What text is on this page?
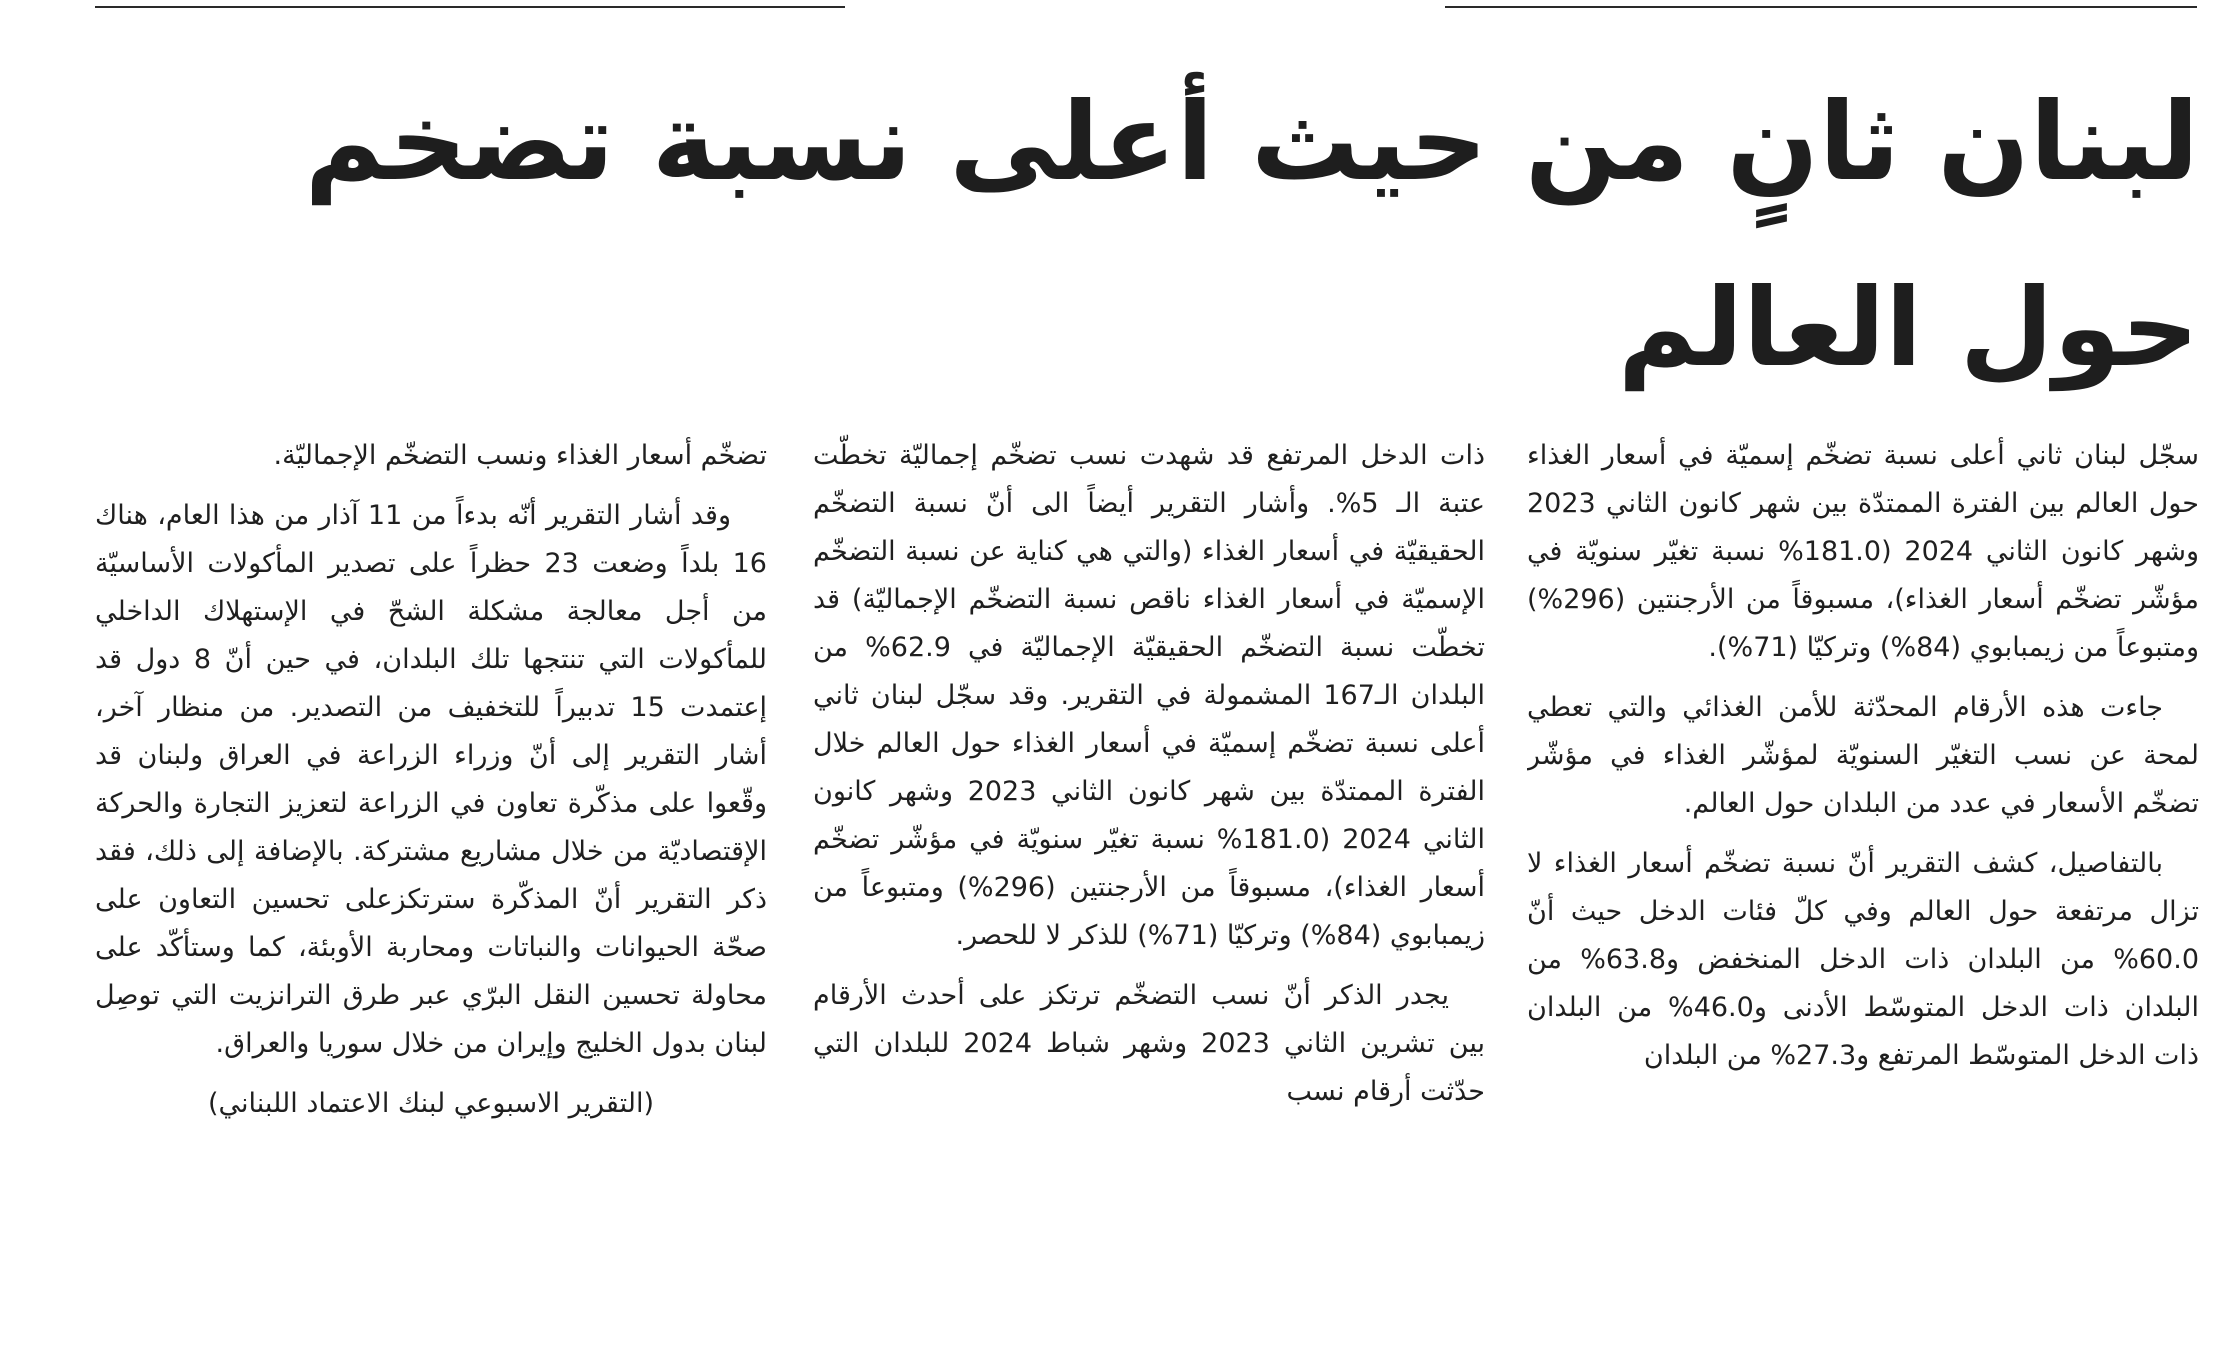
لبنان ثانٍ من حيث أعلى نسبة تضخم حول العالم

سجّل لبنان ثاني أعلى نسبة تضخّم إسميّة في أسعار الغذاء حول العالم بين الفترة الممتدّة بين شهر كانون الثاني 2023 وشهر كانون الثاني 2024 (181.0% نسبة تغيّر سنويّة في مؤشّر تضخّم أسعار الغذاء)، مسبوقاً من الأرجنتين (296%) ومتبوعاً من زيمبابوي (84%) وتركيّا (71%).

جاءت هذه الأرقام المحدّثة للأمن الغذائي والتي تعطي لمحة عن نسب التغيّر السنويّة لمؤشّر الغذاء في مؤشّر تضخّم الأسعار في عدد من البلدان حول العالم.

بالتفاصيل، كشف التقرير أنّ نسبة تضخّم أسعار الغذاء لا تزال مرتفعة حول العالم وفي كلّ فئات الدخل حيث أنّ 60.0% من البلدان ذات الدخل المنخفض و63.8% من البلدان ذات الدخل المتوسّط الأدنى و46.0% من البلدان ذات الدخل المتوسّط المرتفع و27.3% من البلدان

ذات الدخل المرتفع قد شهدت نسب تضخّم إجماليّة تخطّت عتبة الـ 5%. وأشار التقرير أيضاً الى أنّ نسبة التضخّم الحقيقيّة في أسعار الغذاء (والتي هي كناية عن نسبة التضخّم الإسميّة في أسعار الغذاء ناقص نسبة التضخّم الإجماليّة) قد تخطّت نسبة التضخّم الحقيقيّة الإجماليّة في 62.9% من البلدان الـ167 المشمولة في التقرير. وقد سجّل لبنان ثاني أعلى نسبة تضخّم إسميّة في أسعار الغذاء حول العالم خلال الفترة الممتدّة بين شهر كانون الثاني 2023 وشهر كانون الثاني 2024 (181.0% نسبة تغيّر سنويّة في مؤشّر تضخّم أسعار الغذاء)، مسبوقاً من الأرجنتين (296%) ومتبوعاً من زيمبابوي (84%) وتركيّا (71%) للذكر لا للحصر.

يجدر الذكر أنّ نسب التضخّم ترتكز على أحدث الأرقام بين تشرين الثاني 2023 وشهر شباط 2024 للبلدان التي حدّثت أرقام نسب

تضخّم أسعار الغذاء ونسب التضخّم الإجماليّة.

وقد أشار التقرير أنّه بدءاً من 11 آذار من هذا العام، هناك 16 بلداً وضعت 23 حظراً على تصدير المأكولات الأساسيّة من أجل معالجة مشكلة الشحّ في الإستهلاك الداخلي للمأكولات التي تنتجها تلك البلدان، في حين أنّ 8 دول قد إعتمدت 15 تدبيراً للتخفيف من التصدير. من منظار آخر، أشار التقرير إلى أنّ وزراء الزراعة في العراق ولبنان قد وقّعوا على مذكّرة تعاون في الزراعة لتعزيز التجارة والحركة الإقتصاديّة من خلال مشاريع مشتركة. بالإضافة إلى ذلك، فقد ذكر التقرير أنّ المذكّرة سترتكزعلى تحسين التعاون على صحّة الحيوانات والنباتات ومحاربة الأوبئة، كما وستأكّد على محاولة تحسين النقل البرّي عبر طرق الترانزيت التي توصِل لبنان بدول الخليج وإيران من خلال سوريا والعراق.

(التقرير الاسبوعي لبنك الاعتماد اللبناني)
